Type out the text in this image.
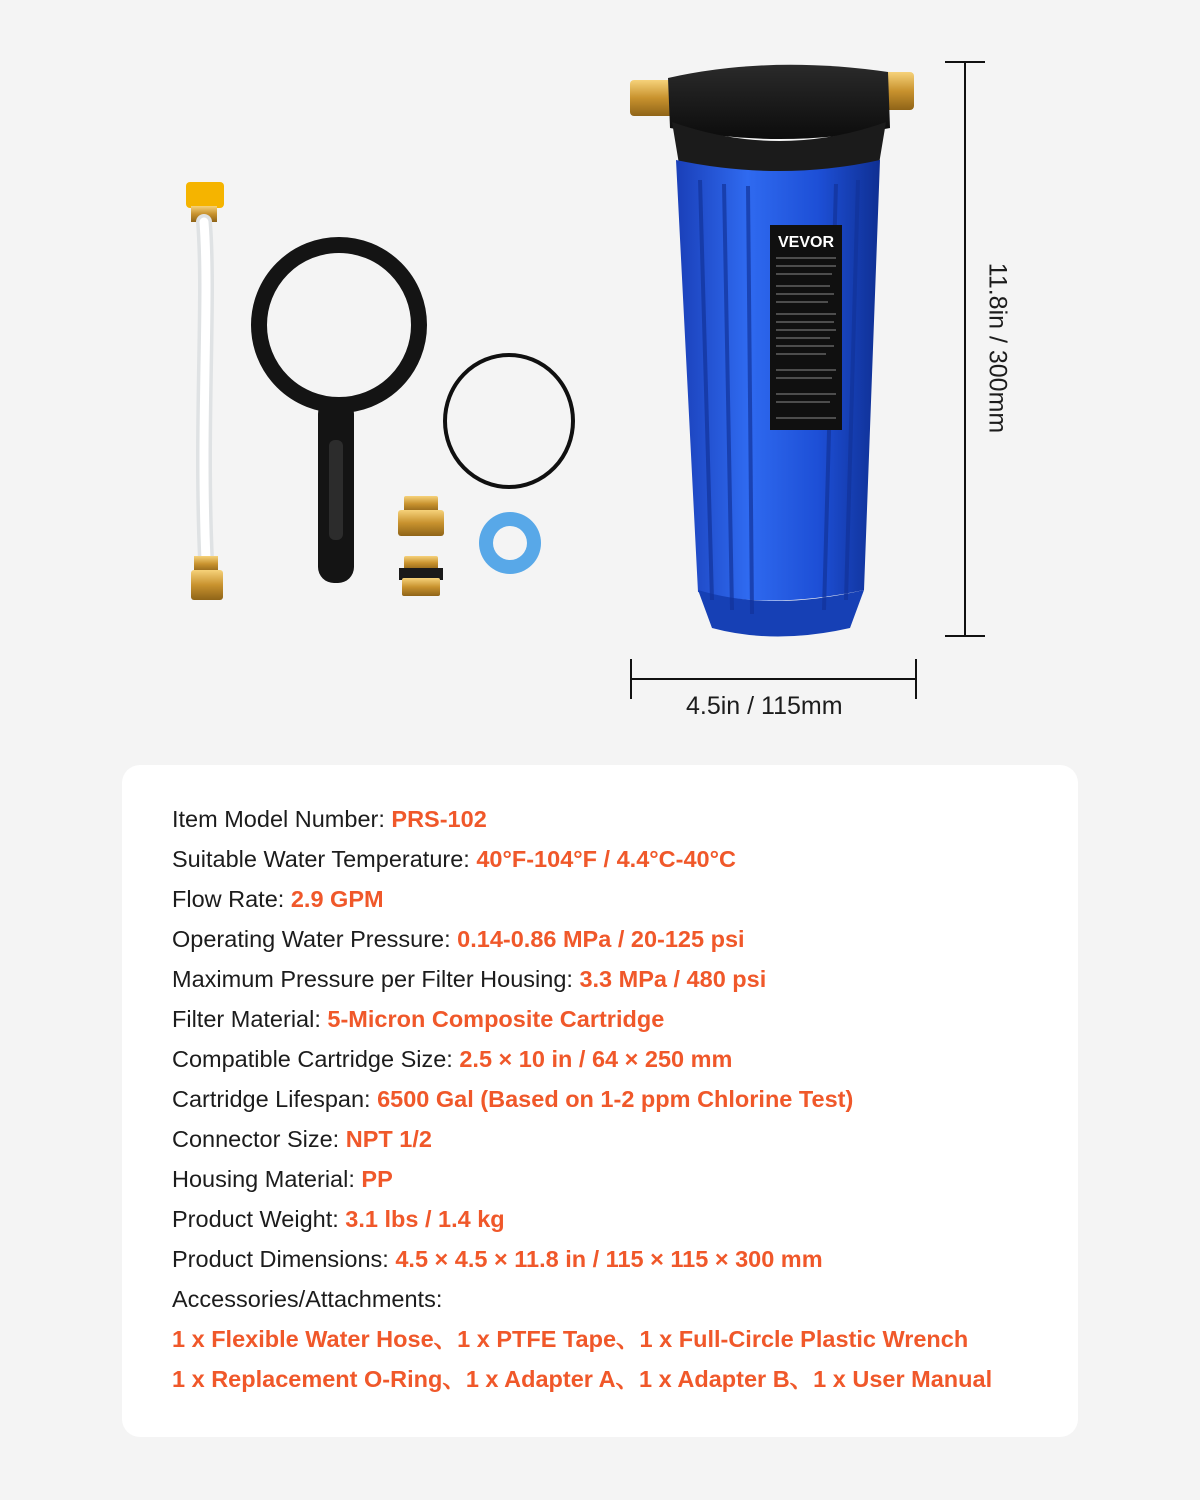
VEVOR
4.5in / 115mm
11.8in / 300mm
Item Model Number: PRS-102
Suitable Water Temperature: 40°F-104°F / 4.4°C-40°C
Flow Rate: 2.9 GPM
Operating Water Pressure: 0.14-0.86 MPa / 20-125 psi
Maximum Pressure per Filter Housing: 3.3 MPa / 480 psi
Filter Material: 5-Micron Composite Cartridge
Compatible Cartridge Size: 2.5 × 10 in / 64 × 250 mm
Cartridge Lifespan: 6500 Gal (Based on 1-2 ppm Chlorine Test)
Connector Size: NPT 1/2
Housing Material: PP
Product Weight: 3.1 lbs / 1.4 kg
Product Dimensions: 4.5 × 4.5 × 11.8 in / 115 × 115 × 300 mm
Accessories/Attachments:
1 x Flexible Water Hose、1 x PTFE Tape、1 x Full-Circle Plastic Wrench
1 x Replacement O-Ring、1 x Adapter A、1 x Adapter B、1 x User Manual
